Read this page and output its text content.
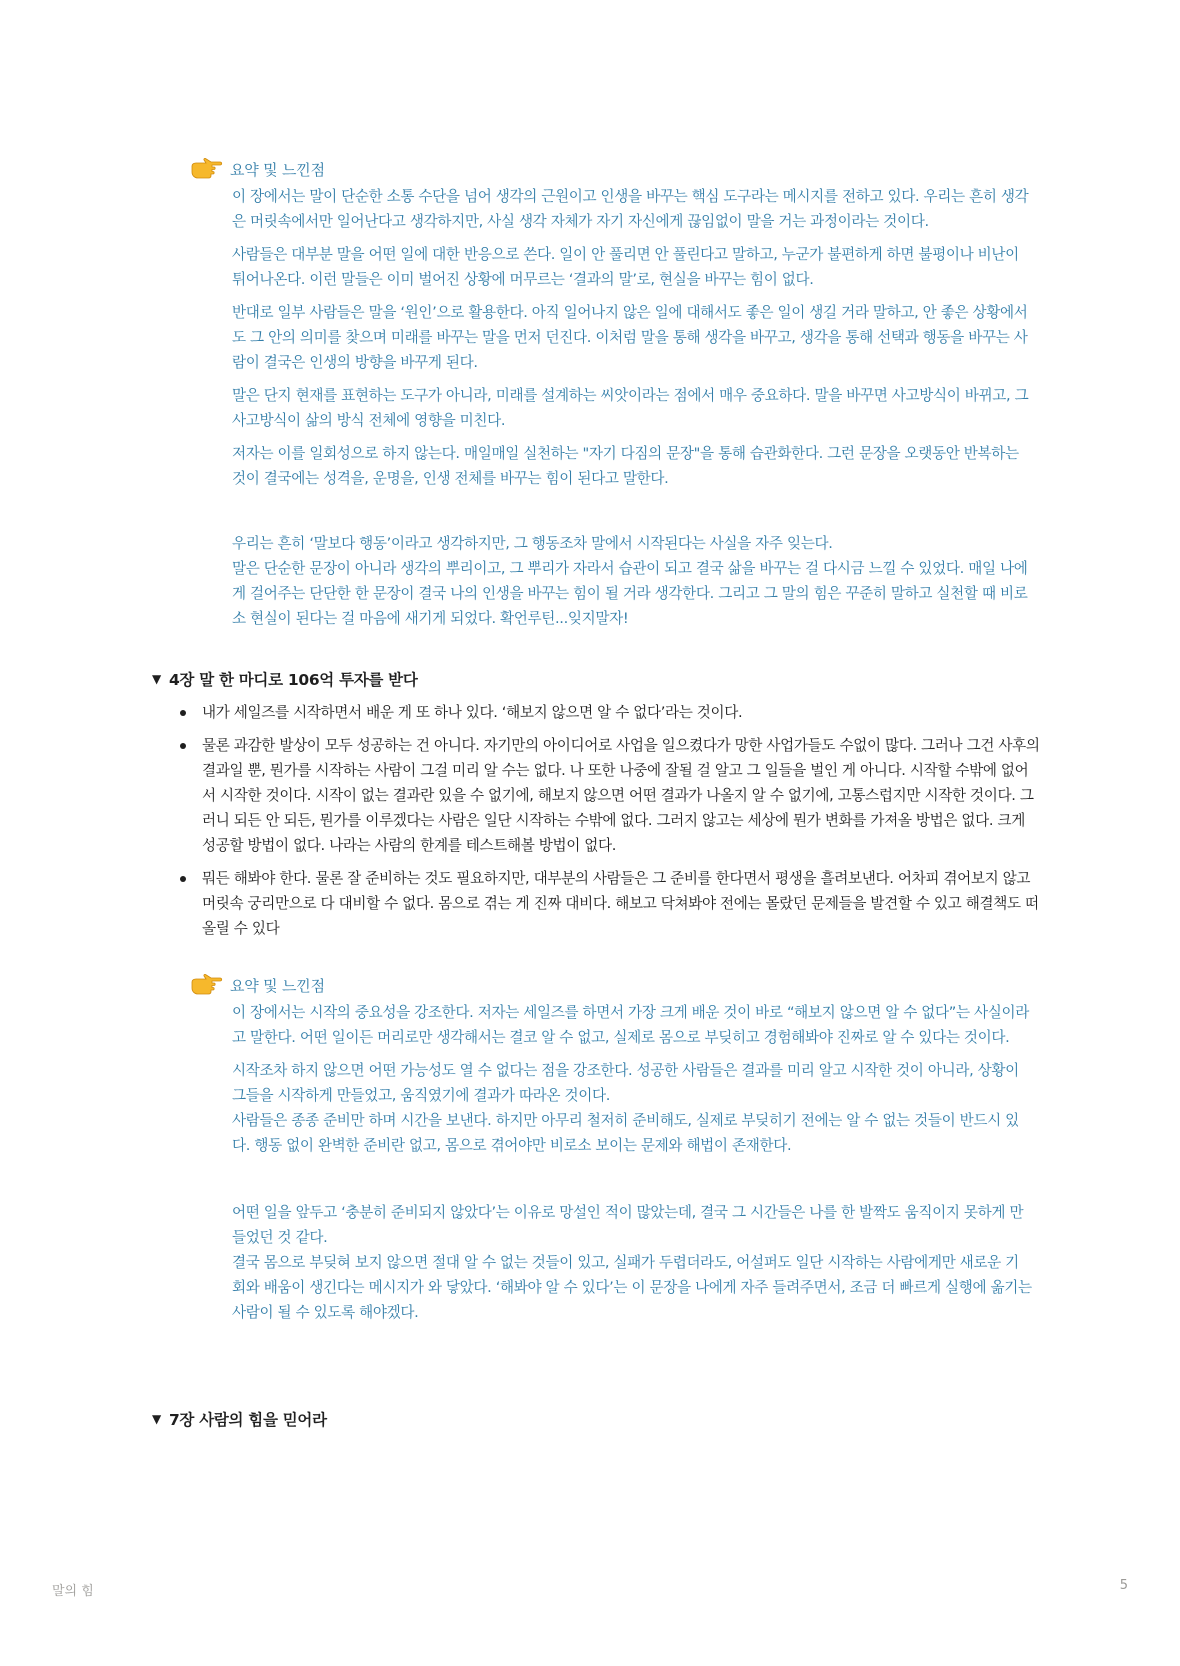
요약 및 느낀점

이 장에서는 말이 단순한 소통 수단을 넘어 생각의 근원이고 인생을 바꾸는 핵심 도구라는 메시지를 전하고 있다. 우리는 흔히 생각은 머릿속에서만 일어난다고 생각하지만, 사실 생각 자체가 자기 자신에게 끊임없이 말을 거는 과정이라는 것이다.

사람들은 대부분 말을 어떤 일에 대한 반응으로 쓴다. 일이 안 풀리면 안 풀린다고 말하고, 누군가 불편하게 하면 불평이나 비난이 튀어나온다. 이런 말들은 이미 벌어진 상황에 머무르는 ‘결과의 말’로, 현실을 바꾸는 힘이 없다.

반대로 일부 사람들은 말을 ‘원인’으로 활용한다. 아직 일어나지 않은 일에 대해서도 좋은 일이 생길 거라 말하고, 안 좋은 상황에서도 그 안의 의미를 찾으며 미래를 바꾸는 말을 먼저 던진다. 이처럼 말을 통해 생각을 바꾸고, 생각을 통해 선택과 행동을 바꾸는 사람이 결국은 인생의 방향을 바꾸게 된다.

말은 단지 현재를 표현하는 도구가 아니라, 미래를 설계하는 씨앗이라는 점에서 매우 중요하다. 말을 바꾸면 사고방식이 바뀌고, 그 사고방식이 삶의 방식 전체에 영향을 미친다.

저자는 이를 일회성으로 하지 않는다. 매일매일 실천하는 "자기 다짐의 문장"을 통해 습관화한다. 그런 문장을 오랫동안 반복하는 것이 결국에는 성격을, 운명을, 인생 전체를 바꾸는 힘이 된다고 말한다.

우리는 흔히 ‘말보다 행동’이라고 생각하지만, 그 행동조차 말에서 시작된다는 사실을 자주 잊는다.

말은 단순한 문장이 아니라 생각의 뿌리이고, 그 뿌리가 자라서 습관이 되고 결국 삶을 바꾸는 걸 다시금 느낄 수 있었다. 매일 나에게 걸어주는 단단한 한 문장이 결국 나의 인생을 바꾸는 힘이 될 거라 생각한다. 그리고 그 말의 힘은 꾸준히 말하고 실천할 때 비로소 현실이 된다는 걸 마음에 새기게 되었다. 확언루틴...잊지말자!

▼ 4장 말 한 마디로 106억 투자를 받다
내가 세일즈를 시작하면서 배운 게 또 하나 있다. ‘해보지 않으면 알 수 없다’라는 것이다.
물론 과감한 발상이 모두 성공하는 건 아니다. 자기만의 아이디어로 사업을 일으켰다가 망한 사업가들도 수없이 많다. 그러나 그건 사후의 결과일 뿐, 뭔가를 시작하는 사람이 그걸 미리 알 수는 없다. 나 또한 나중에 잘될 걸 알고 그 일들을 벌인 게 아니다. 시작할 수밖에 없어서 시작한 것이다. 시작이 없는 결과란 있을 수 없기에, 해보지 않으면 어떤 결과가 나올지 알 수 없기에, 고통스럽지만 시작한 것이다. 그러니 되든 안 되든, 뭔가를 이루겠다는 사람은 일단 시작하는 수밖에 없다. 그러지 않고는 세상에 뭔가 변화를 가져올 방법은 없다. 크게 성공할 방법이 없다. 나라는 사람의 한계를 테스트해볼 방법이 없다.
뭐든 해봐야 한다. 물론 잘 준비하는 것도 필요하지만, 대부분의 사람들은 그 준비를 한다면서 평생을 흘려보낸다. 어차피 겪어보지 않고 머릿속 궁리만으로 다 대비할 수 없다. 몸으로 겪는 게 진짜 대비다. 해보고 닥쳐봐야 전에는 몰랐던 문제들을 발견할 수 있고 해결책도 떠올릴 수 있다
요약 및 느낀점

이 장에서는 시작의 중요성을 강조한다. 저자는 세일즈를 하면서 가장 크게 배운 것이 바로 “해보지 않으면 알 수 없다”는 사실이라고 말한다. 어떤 일이든 머리로만 생각해서는 결코 알 수 없고, 실제로 몸으로 부딪히고 경험해봐야 진짜로 알 수 있다는 것이다.

시작조차 하지 않으면 어떤 가능성도 열 수 없다는 점을 강조한다. 성공한 사람들은 결과를 미리 알고 시작한 것이 아니라, 상황이 그들을 시작하게 만들었고, 움직였기에 결과가 따라온 것이다.

사람들은 종종 준비만 하며 시간을 보낸다. 하지만 아무리 철저히 준비해도, 실제로 부딪히기 전에는 알 수 없는 것들이 반드시 있다. 행동 없이 완벽한 준비란 없고, 몸으로 겪어야만 비로소 보이는 문제와 해법이 존재한다.

어떤 일을 앞두고 ‘충분히 준비되지 않았다’는 이유로 망설인 적이 많았는데, 결국 그 시간들은 나를 한 발짝도 움직이지 못하게 만들었던 것 같다.

결국 몸으로 부딪혀 보지 않으면 절대 알 수 없는 것들이 있고, 실패가 두렵더라도, 어설퍼도 일단 시작하는 사람에게만 새로운 기회와 배움이 생긴다는 메시지가 와 닿았다. ‘해봐야 알 수 있다’는 이 문장을 나에게 자주 들려주면서, 조금 더 빠르게 실행에 옮기는 사람이 될 수 있도록 해야겠다.

▼ 7장 사람의 힘을 믿어라
말의 힘	5
